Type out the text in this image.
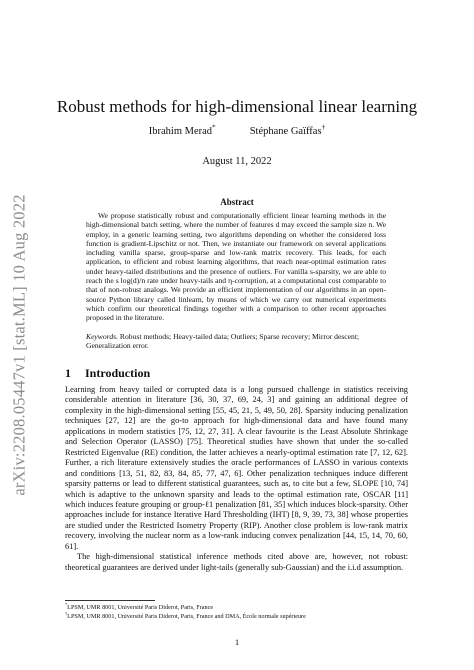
arXiv:2208.05447v1 [stat.ML] 10 Aug 2022
Robust methods for high-dimensional linear learning
Ibrahim Merad*	Stéphane Gaïffas†
August 11, 2022
Abstract

We propose statistically robust and computationally efficient linear learning methods in the high-dimensional batch setting, where the number of features d may exceed the sample size n. We employ, in a generic learning setting, two algorithms depending on whether the considered loss function is gradient-Lipschitz or not. Then, we instantiate our framework on several applications including vanilla sparse, group-sparse and low-rank matrix recovery. This leads, for each application, to efficient and robust learning algorithms, that reach near-optimal estimation rates under heavy-tailed distributions and the presence of outliers. For vanilla s-sparsity, we are able to reach the s log(d)/n rate under heavy-tails and η-corruption, at a computational cost comparable to that of non-robust analogs. We provide an efficient implementation of our algorithms in an open-source Python library called linlearn, by means of which we carry out numerical experiments which confirm our theoretical findings together with a comparison to other recent approaches proposed in the literature.

Keywords. Robust methods; Heavy-tailed data; Outliers; Sparse recovery; Mirror descent; Generalization error.

1 Introduction

Learning from heavy tailed or corrupted data is a long pursued challenge in statistics receiving considerable attention in literature [36, 30, 37, 69, 24, 3] and gaining an additional degree of complexity in the high-dimensional setting [55, 45, 21, 5, 49, 50, 28]. Sparsity inducing penalization techniques [27, 12] are the go-to approach for high-dimensional data and have found many applications in modern statistics [75, 12, 27, 31]. A clear favourite is the Least Absolute Shrinkage and Selection Operator (LASSO) [75]. Theoretical studies have shown that under the so-called Restricted Eigenvalue (RE) condition, the latter achieves a nearly-optimal estimation rate [7, 12, 62]. Further, a rich literature extensively studies the oracle performances of LASSO in various contexts and conditions [13, 51, 82, 83, 84, 85, 77, 47, 6]. Other penalization techniques induce different sparsity patterns or lead to different statistical guarantees, such as, to cite but a few, SLOPE [10, 74] which is adaptive to the unknown sparsity and leads to the optimal estimation rate, OSCAR [11] which induces feature grouping or group-ℓ1 penalization [81, 35] which induces block-sparsity. Other approaches include for instance Iterative Hard Thresholding (IHT) [8, 9, 39, 73, 38] whose properties are studied under the Restricted Isometry Property (RIP). Another close problem is low-rank matrix recovery, involving the nuclear norm as a low-rank inducing convex penalization [44, 15, 14, 70, 60, 61].

The high-dimensional statistical inference methods cited above are, however, not robust: theoretical guarantees are derived under light-tails (generally sub-Gaussian) and the i.i.d assumption.

*LPSM, UMR 8001, Université Paris Diderot, Paris, France
†LPSM, UMR 8001, Université Paris Diderot, Paris, France and DMA, École normale supérieure
1
